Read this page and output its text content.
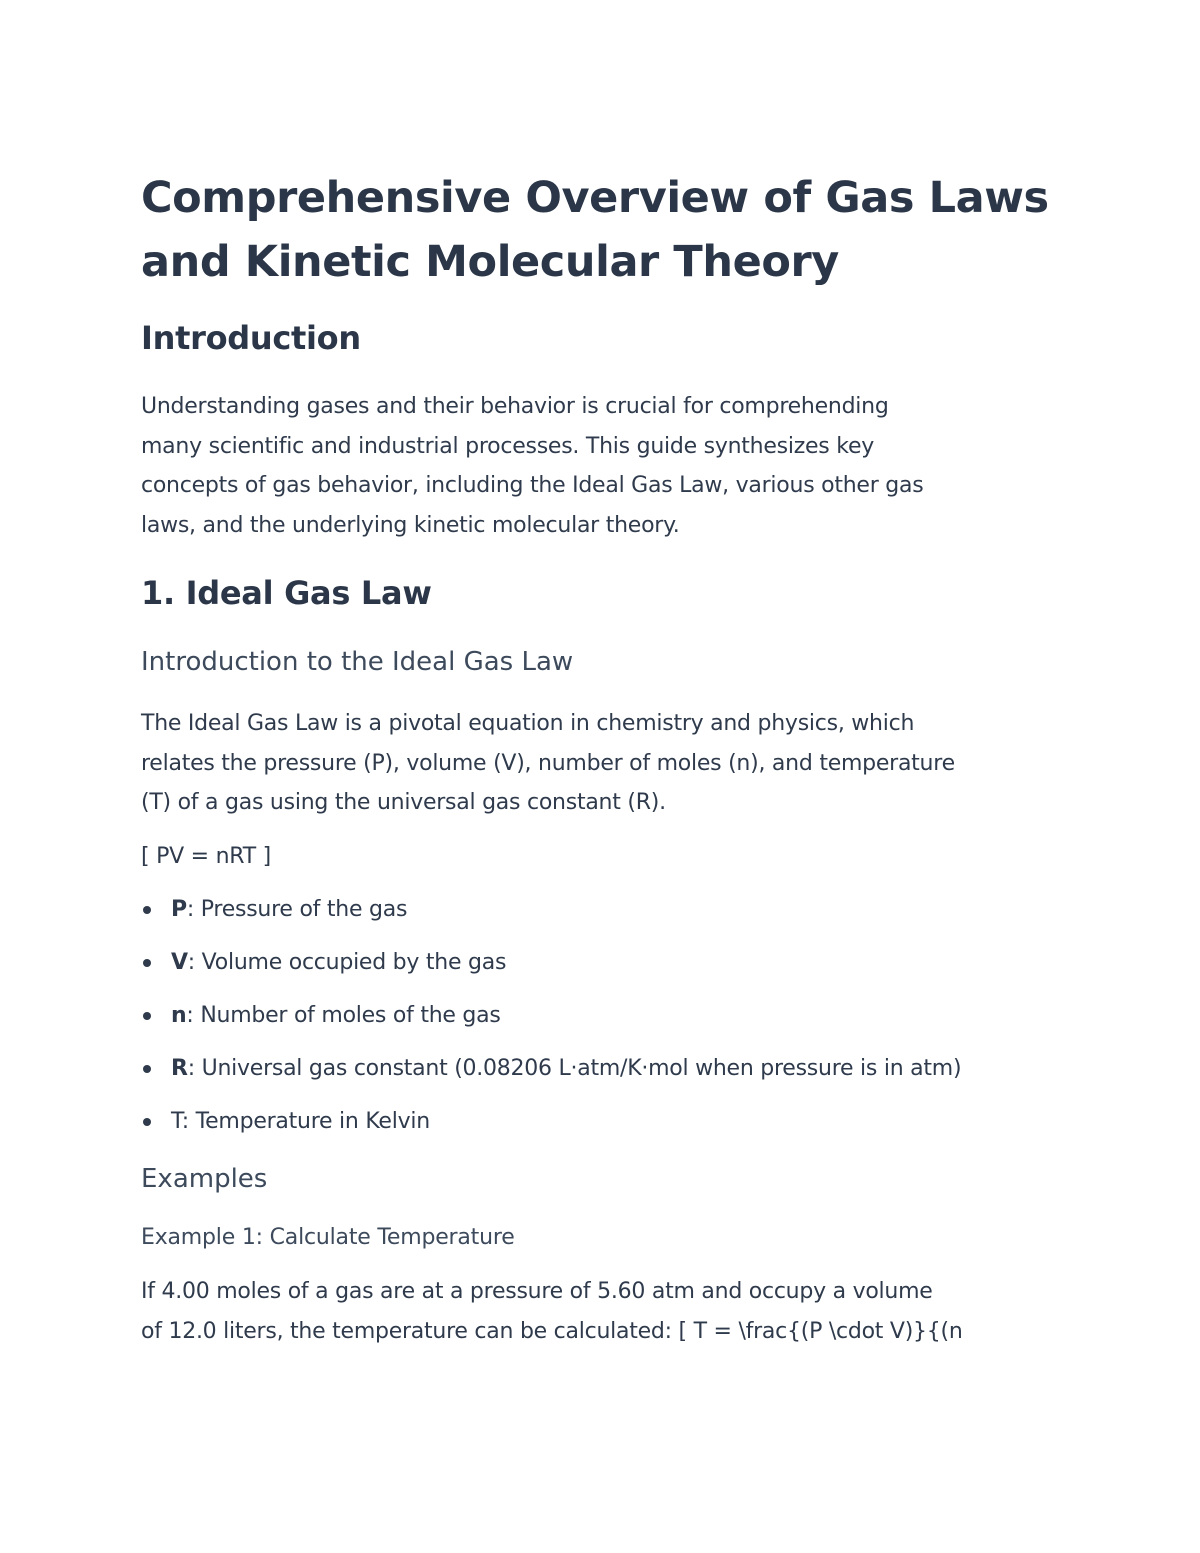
Comprehensive Overview of Gas Laws
and Kinetic Molecular Theory
Introduction

Understanding gases and their behavior is crucial for comprehending
many scientific and industrial processes. This guide synthesizes key
concepts of gas behavior, including the Ideal Gas Law, various other gas
laws, and the underlying kinetic molecular theory.

1. Ideal Gas Law
Introduction to the Ideal Gas Law

The Ideal Gas Law is a pivotal equation in chemistry and physics, which
relates the pressure (P), volume (V), number of moles (n), and temperature
(T) of a gas using the universal gas constant (R).

[ PV = nRT ]

P: Pressure of the gas
V: Volume occupied by the gas
n: Number of moles of the gas
R: Universal gas constant (0.08206 L·atm/K·mol when pressure is in atm)
T: Temperature in Kelvin
Examples
Example 1: Calculate Temperature

If 4.00 moles of a gas are at a pressure of 5.60 atm and occupy a volume
of 12.0 liters, the temperature can be calculated: [ T = \frac{(P \cdot V)}{(n
